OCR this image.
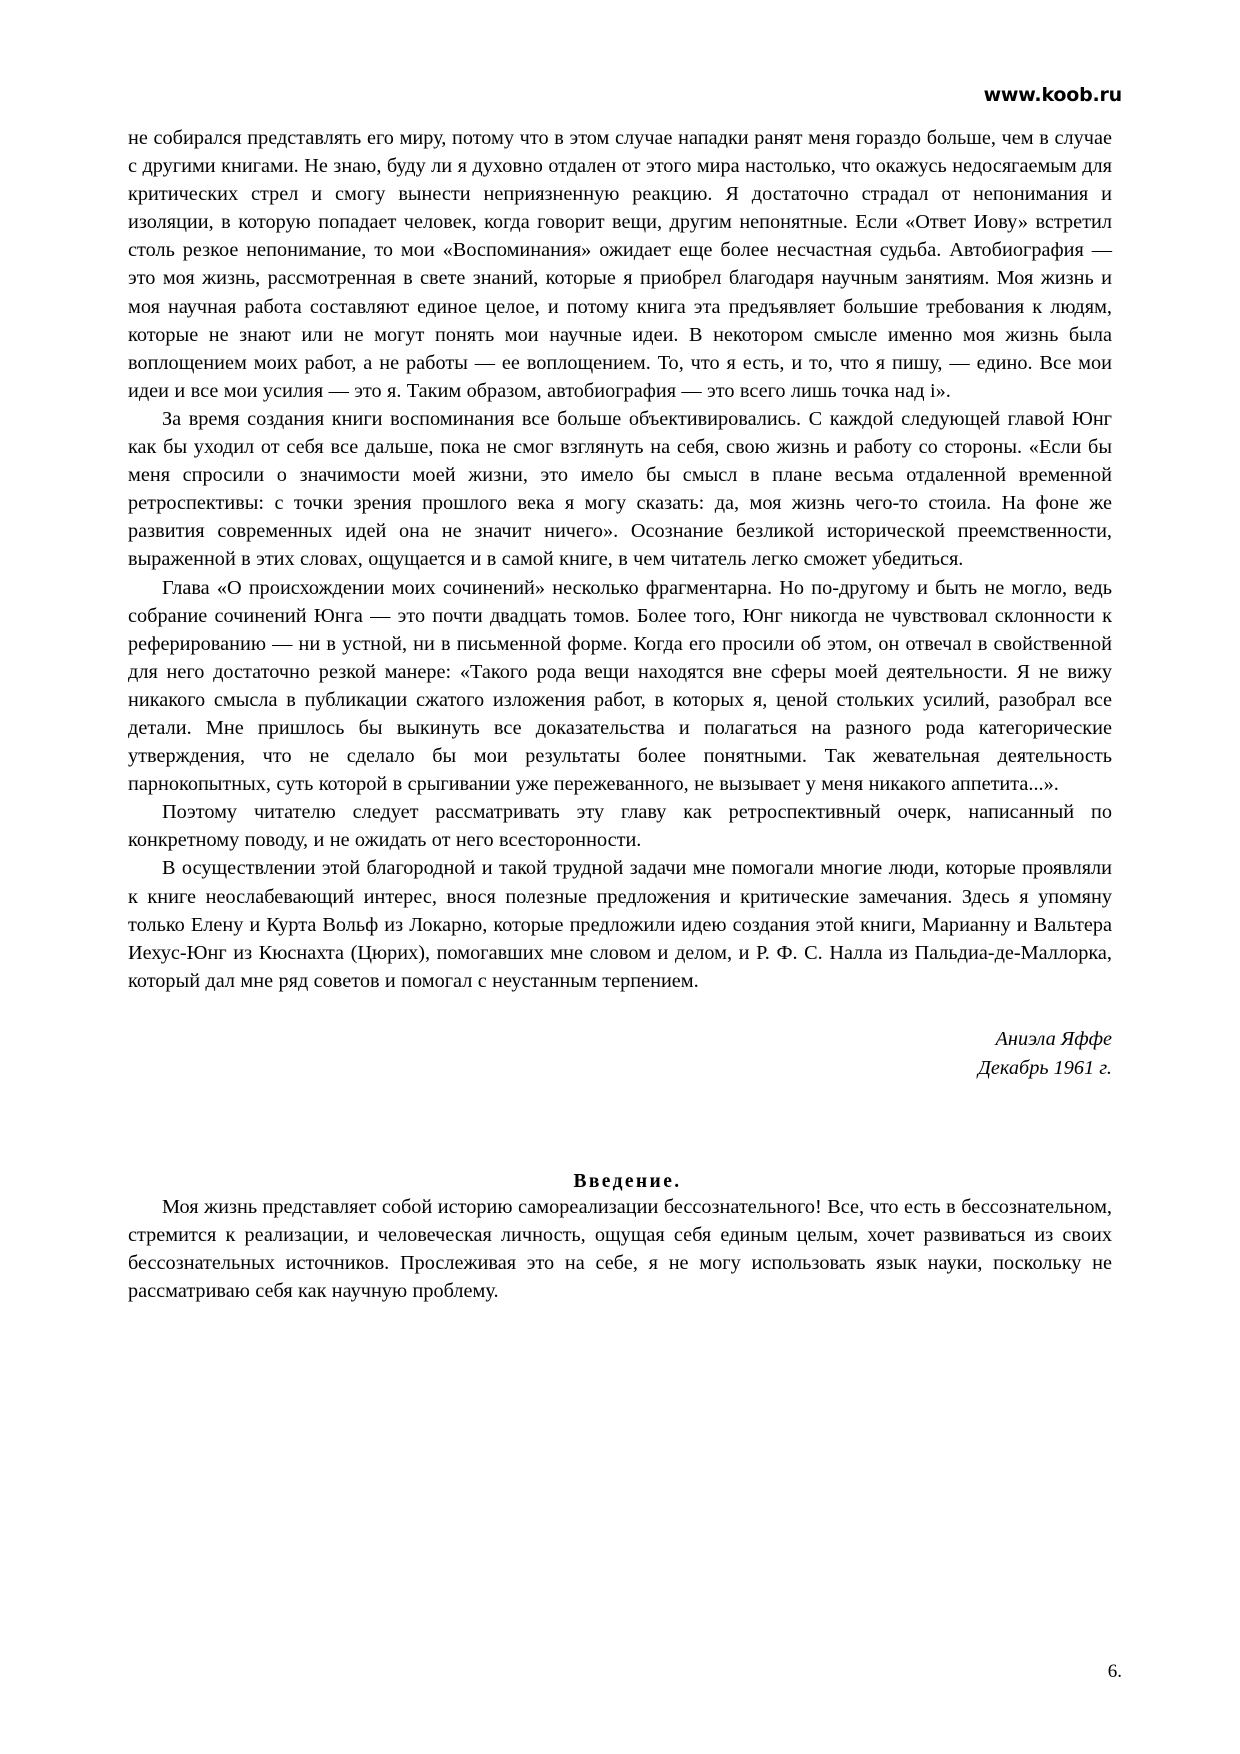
www.koob.ru

не собирался представлять его миру, потому что в этом случае нападки ранят меня гораздо больше, чем в случае с другими книгами. Не знаю, буду ли я духовно отдален от этого мира настолько, что окажусь недосягаемым для критических стрел и смогу вынести неприязненную реакцию. Я достаточно страдал от непонимания и изоляции, в которую попадает человек, когда говорит вещи, другим непонятные. Если «Ответ Иову» встретил столь резкое непонимание, то мои «Воспоминания» ожидает еще более несчастная судьба. Автобиография — это моя жизнь, рассмотренная в свете знаний, которые я приобрел благодаря научным занятиям. Моя жизнь и моя научная работа составляют единое целое, и потому книга эта предъявляет большие требования к людям, которые не знают или не могут понять мои научные идеи. В некотором смысле именно моя жизнь была воплощением моих работ, а не работы — ее воплощением. То, что я есть, и то, что я пишу, — едино. Все мои идеи и все мои усилия — это я. Таким образом, автобиография — это всего лишь точка над i».

За время создания книги воспоминания все больше объективировались. С каждой следующей главой Юнг как бы уходил от себя все дальше, пока не смог взглянуть на себя, свою жизнь и работу со стороны. «Если бы меня спросили о значимости моей жизни, это имело бы смысл в плане весьма отдаленной временной ретроспективы: с точки зрения прошлого века я могу сказать: да, моя жизнь чего-то стоила. На фоне же развития современных идей она не значит ничего». Осознание безликой исторической преемственности, выраженной в этих словах, ощущается и в самой книге, в чем читатель легко сможет убедиться.

Глава «О происхождении моих сочинений» несколько фрагментарна. Но по-другому и быть не могло, ведь собрание сочинений Юнга — это почти двадцать томов. Более того, Юнг никогда не чувствовал склонности к реферированию — ни в устной, ни в письменной форме. Когда его просили об этом, он отвечал в свойственной для него достаточно резкой манере: «Такого рода вещи находятся вне сферы моей деятельности. Я не вижу никакого смысла в публикации сжатого изложения работ, в которых я, ценой стольких усилий, разобрал все детали. Мне пришлось бы выкинуть все доказательства и полагаться на разного рода категорические утверждения, что не сделало бы мои результаты более понятными. Так жевательная деятельность парнокопытных, суть которой в срыгивании уже пережеванного, не вызывает у меня никакого аппетита...».

Поэтому читателю следует рассматривать эту главу как ретроспективный очерк, написанный по конкретному поводу, и не ожидать от него всесторонности.

В осуществлении этой благородной и такой трудной задачи мне помогали многие люди, которые проявляли к книге неослабевающий интерес, внося полезные предложения и критические замечания. Здесь я упомяну только Елену и Курта Вольф из Локарно, которые предложили идею создания этой книги, Марианну и Вальтера Иехус-Юнг из Кюснахта (Цюрих), помогавших мне словом и делом, и Р. Ф. С. Налла из Пальдиа-де-Маллорка, который дал мне ряд советов и помогал с неустанным терпением.

Аниэла Яффе
Декабрь 1961 г.
Введение.

Моя жизнь представляет собой историю самореализации бессознательного! Все, что есть в бессознательном, стремится к реализации, и человеческая личность, ощущая себя единым целым, хочет развиваться из своих бессознательных источников. Прослеживая это на себе, я не могу использовать язык науки, поскольку не рассматриваю себя как научную проблему.

6.
